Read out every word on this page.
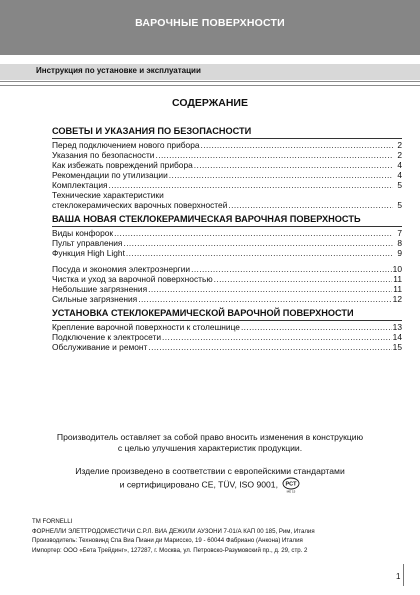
ВАРОЧНЫЕ ПОВЕРХНОСТИ
Инструкция по установке и эксплуатации
СОДЕРЖАНИЕ
СОВЕТЫ И УКАЗАНИЯ ПО БЕЗОПАСНОСТИ
Перед подключением нового прибора .....	2
Указания по безопасности .....	2
Как избежать повреждений прибора .....	4
Рекомендации по утилизации .....	4
Комплектация .....	5
Технические характеристики
стеклокерамических варочных поверхностей .....	5
ВАША НОВАЯ СТЕКЛОКЕРАМИЧЕСКАЯ ВАРОЧНАЯ ПОВЕРХНОСТЬ
Виды конфорок .....	7
Пульт управления .....	8
Функция High Light .....	9
Посуда и экономия электроэнергии .....	10
Чистка и уход за варочной поверхностью .....	11
Небольшие загрязнения .....	11
Сильные загрязнения .....	12
УСТАНОВКА СТЕКЛОКЕРАМИЧЕСКОЙ ВАРОЧНОЙ ПОВЕРХНОСТИ
Крепление варочной поверхности к столешнице .....	13
Подключение к электросети .....	14
Обслуживание и ремонт .....	15
Производитель оставляет за собой право вносить изменения в конструкцию
с целью улучшения характеристик продукции.
Изделие произведено в соответствии с европейскими стандартами
и сертифицировано CE, TÜV, ISO 9001, PCT
МЕ 15
TM FORNELLI
ФОРНЕЛЛИ ЭЛЕТТРОДОМЕСТИЧИ С.Р.Л. ВИА ДЕЖИЛИ АУЗОНИ 7-01/А КАП 00 185, Рим, Италия
Производитель: Техновинд Спа Виа Пиани ди Марисско, 19 - 60044 Фабриано (Анкона) Италия
Импортер: ООО «Бета Трейдинг», 127287, г. Москва, ул. Петровско-Разумовский пр., д. 29, стр. 2
1
